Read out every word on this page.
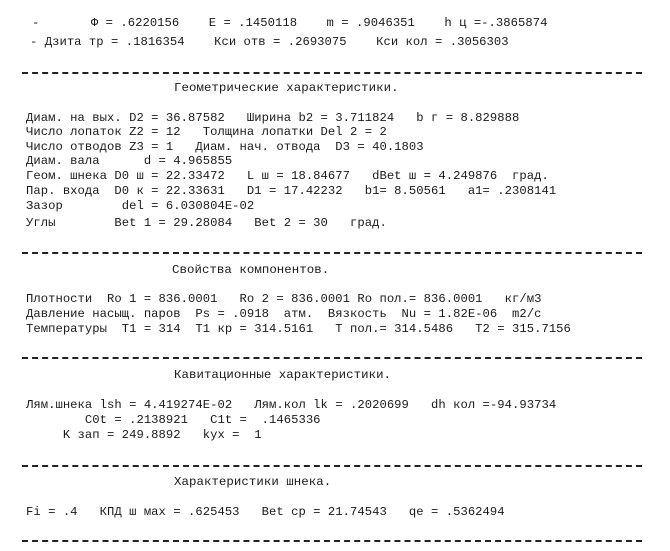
-       Ф = .6220156    E = .1450118    m = .9046351    h ц =-.3865874
- Дзита тр = .1816354    Кси отв = .2693075    Кси кол = .3056303
Геометрические характеристики.
Диам. на вых. D2 = 36.87582   Ширина b2 = 3.711824   b г = 8.829888
Число лопаток Z2 = 12   Толщина лопатки Del 2 = 2
Число отводов Z3 = 1   Диам. нач. отвода  D3 = 40.1803
Диам. вала      d = 4.965855
Геом. шнека D0 ш = 22.33472   L ш = 18.84677   dBet ш = 4.249876  град.
Пар. входа  D0 к = 22.33631   D1 = 17.42232   b1= 8.50561   a1= .2308141
Зазор        del = 6.030804E-02
Углы        Bet 1 = 29.28084   Bet 2 = 30   град.
Свойства компонентов.
Плотности  Ro 1 = 836.0001   Ro 2 = 836.0001 Ro пол.= 836.0001   кг/м3
Давление насыщ. паров  Ps = .0918  атм.  Вязкость  Nu = 1.82E-06  m2/c
Температуры  T1 = 314  T1 кр = 314.5161   T пол.= 314.5486   T2 = 315.7156
Кавитационные характеристики.
Лям.шнека lsh = 4.419274E-02   Лям.кол lk = .2020699   dh кол =-94.93734
C0t = .2138921   C1t =  .1465336
K зап = 249.8892   kyx =  1
Характеристики шнека.
Fi = .4   КПД ш мах = .625453   Bet ср = 21.74543   qe = .5362494
